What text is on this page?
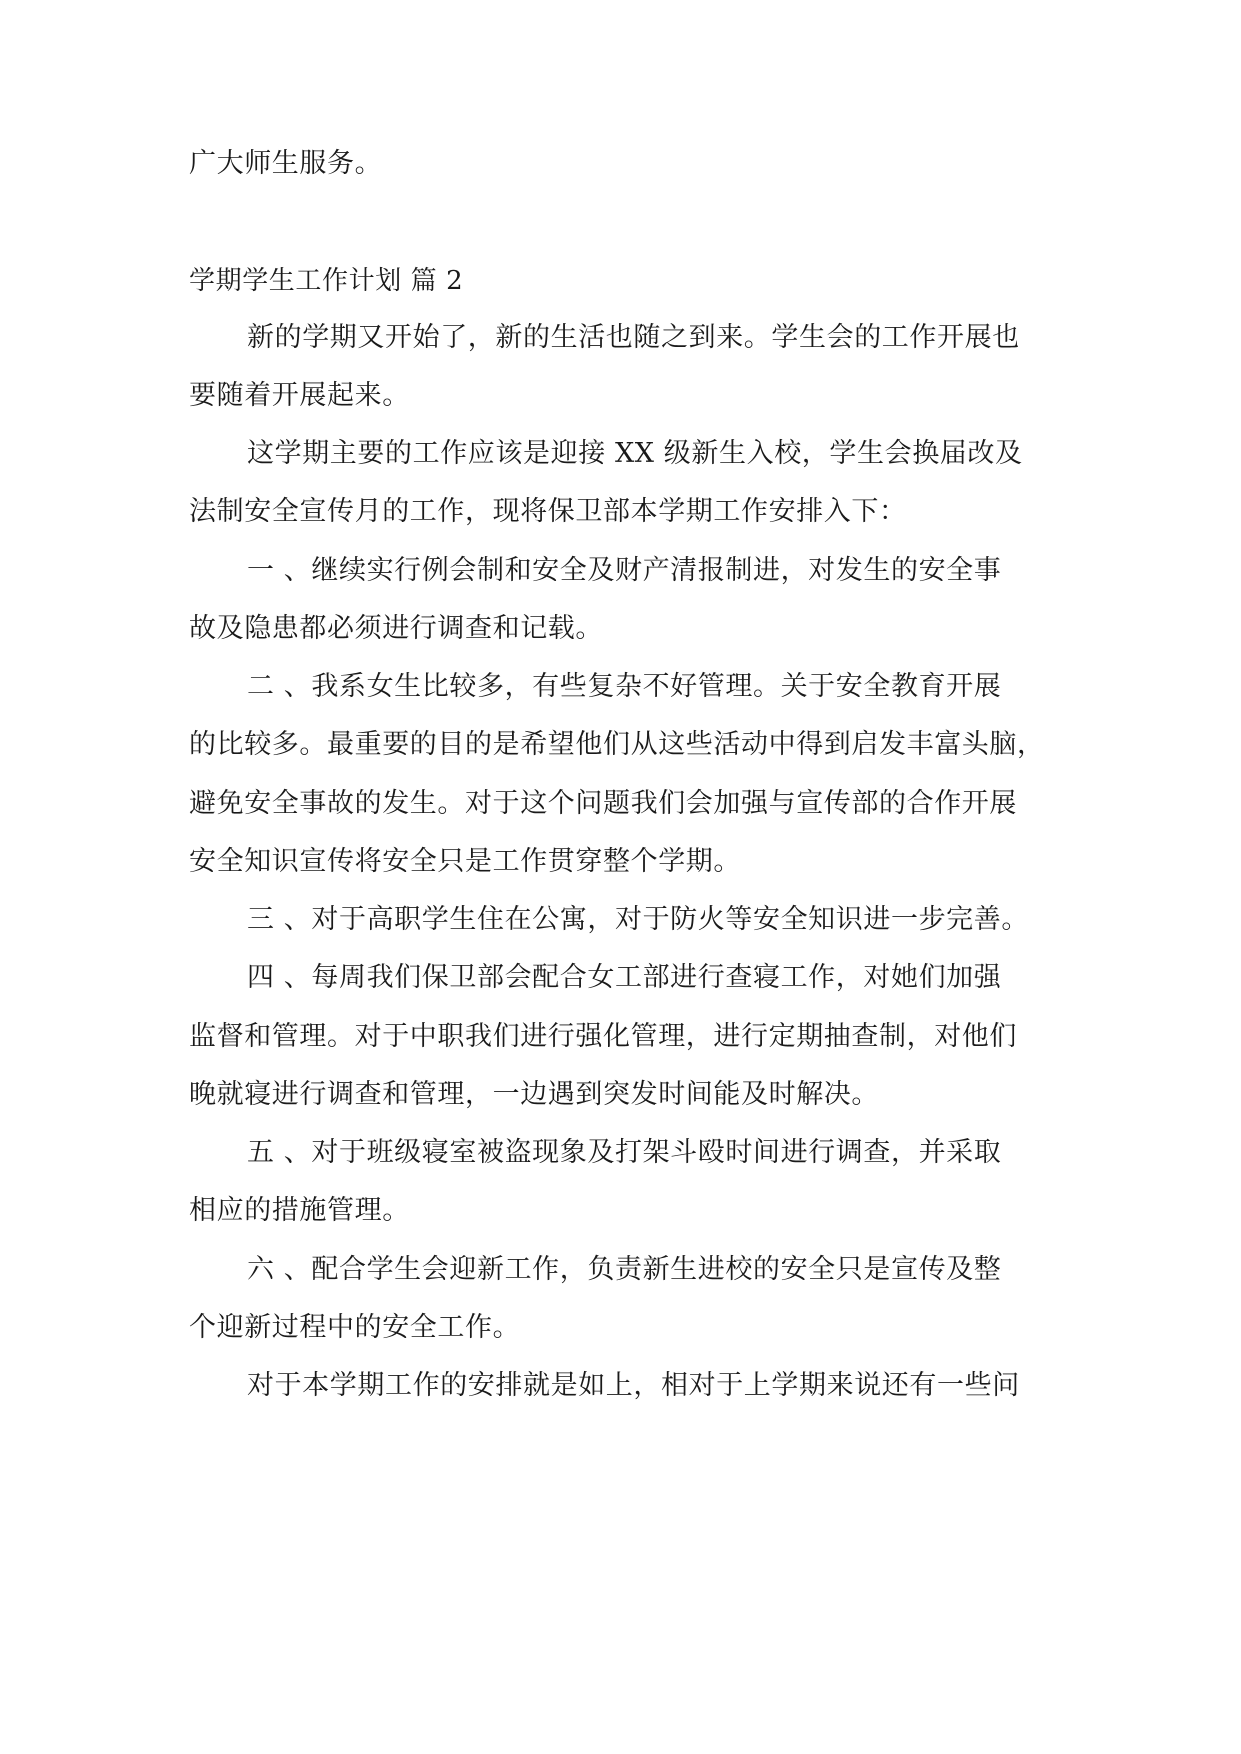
广大师生服务。
学期学生工作计划 篇 2
新的学期又开始了，新的生活也随之到来。学生会的工作开展也
要随着开展起来。
这学期主要的工作应该是迎接 XX 级新生入校，学生会换届改及
法制安全宣传月的工作，现将保卫部本学期工作安排入下：
一 、继续实行例会制和安全及财产清报制进，对发生的安全事
故及隐患都必须进行调查和记载。
二 、我系女生比较多，有些复杂不好管理。关于安全教育开展
的比较多。最重要的目的是希望他们从这些活动中得到启发丰富头脑，
避免安全事故的发生。对于这个问题我们会加强与宣传部的合作开展
安全知识宣传将安全只是工作贯穿整个学期。
三 、对于高职学生住在公寓，对于防火等安全知识进一步完善。
四 、每周我们保卫部会配合女工部进行查寝工作，对她们加强
监督和管理。对于中职我们进行强化管理，进行定期抽查制，对他们
晚就寝进行调查和管理，一边遇到突发时间能及时解决。
五 、对于班级寝室被盗现象及打架斗殴时间进行调查，并采取
相应的措施管理。
六 、配合学生会迎新工作，负责新生进校的安全只是宣传及整
个迎新过程中的安全工作。
对于本学期工作的安排就是如上，相对于上学期来说还有一些问
